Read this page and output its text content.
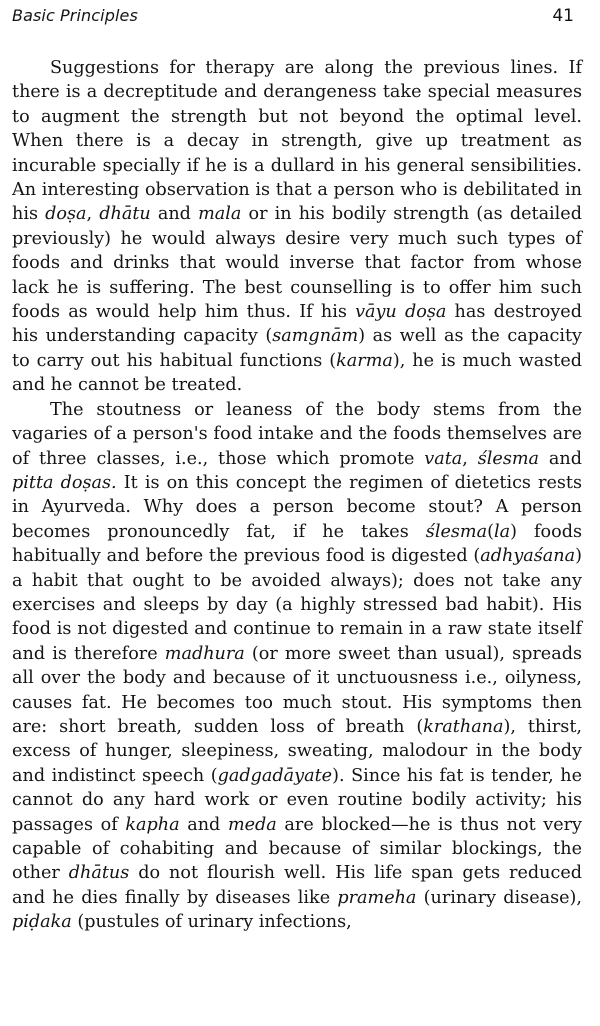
Basic Principles	41

Suggestions for therapy are along the previous lines. If there is a decreptitude and derangeness take special measures to augment the strength but not beyond the optimal level. When there is a decay in strength, give up treatment as incurable specially if he is a dullard in his general sensibilities. An interesting observation is that a person who is debilitated in his doṣa, dhātu and mala or in his bodily strength (as detailed previously) he would always desire very much such types of foods and drinks that would inverse that factor from whose lack he is suffering. The best counselling is to offer him such foods as would help him thus. If his vāyu doṣa has destroyed his understanding capacity (samgnām) as well as the capacity to carry out his habitual functions (karma), he is much wasted and he cannot be treated.

The stoutness or leaness of the body stems from the vagaries of a person's food intake and the foods themselves are of three classes, i.e., those which promote vata, ślesma and pitta doṣas. It is on this concept the regimen of dietetics rests in Ayurveda. Why does a person become stout? A person becomes pronouncedly fat, if he takes ślesma(la) foods habitually and before the previous food is digested (adhyaśana) a habit that ought to be avoided always); does not take any exercises and sleeps by day (a highly stressed bad habit). His food is not digested and continue to remain in a raw state itself and is therefore madhura (or more sweet than usual), spreads all over the body and because of it unctuousness i.e., oilyness, causes fat. He becomes too much stout. His symptoms then are: short breath, sudden loss of breath (krathana), thirst, excess of hunger, sleepiness, sweating, malodour in the body and indistinct speech (gadgadāyate). Since his fat is tender, he cannot do any hard work or even routine bodily activity; his passages of kapha and meda are blocked—he is thus not very capable of cohabiting and because of similar blockings, the other dhātus do not flourish well. His life span gets reduced and he dies finally by diseases like prameha (urinary disease), piḍaka (pustules of urinary infections,
